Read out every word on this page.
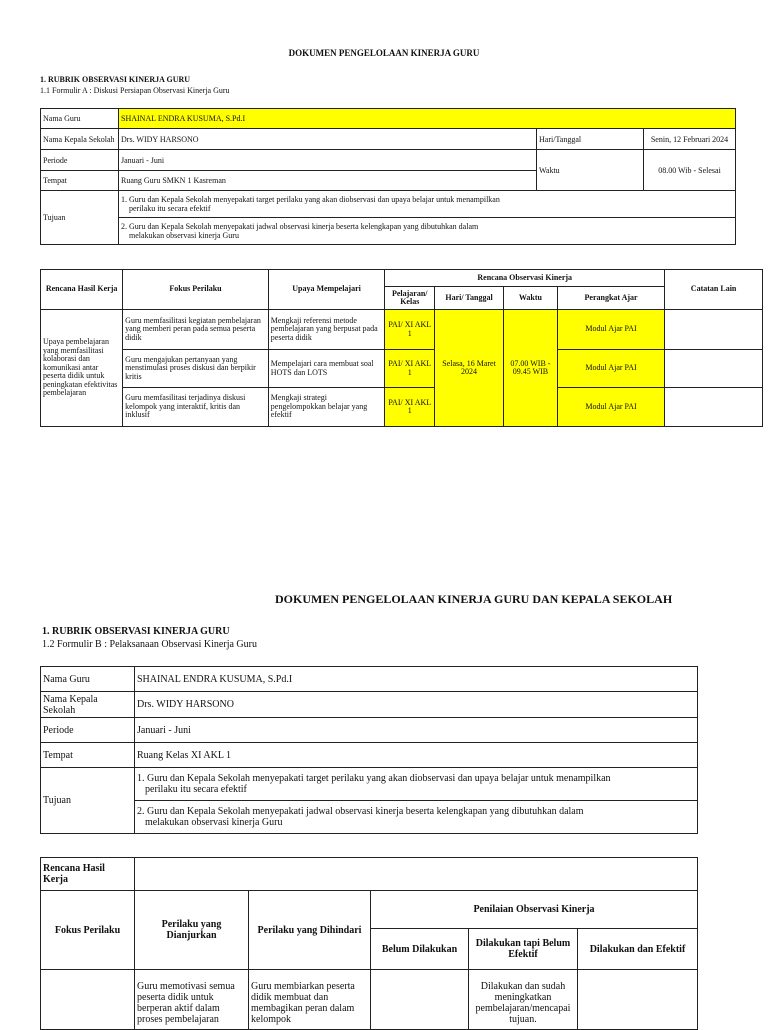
DOKUMEN PENGELOLAAN KINERJA GURU
1. RUBRIK OBSERVASI KINERJA GURU
1.1 Formulir A : Diskusi Persiapan Observasi Kinerja Guru
Nama Guru	SHAINAL ENDRA KUSUMA, S.Pd.I		
Nama Kepala Sekolah	Drs. WIDY HARSONO	Hari/Tanggal	Senin, 12 Februari 2024
Periode	Januari - Juni	Waktu	08.00 Wib - Selesai
Tempat	Ruang Guru SMKN 1 Kasreman		
Tujuan	1. Guru dan Kepala Sekolah menyepakati target perilaku yang akan diobservasi dan upaya belajar untuk menampilkan
perilaku itu secara efektif		

	2. Guru dan Kepala Sekolah menyepakati jadwal observasi kinerja beserta kelengkapan yang dibutuhkan dalam
melakukan observasi kinerja Guru		
Rencana Hasil Kerja	Fokus Perilaku	Upaya Mempelajari	Rencana Observasi Kinerja				Catatan Lain
			Pelajaran/ Kelas	Hari/ Tanggal	Waktu	Perangkat Ajar	
Upaya pembelajaran yang memfasilitasi kolaborasi dan komunikasi antar peserta didik untuk peningkatan efektivitas pembelajaran	Guru memfasilitasi kegiatan pembelajaran yang memberi peran pada semua peserta didik	Mengkaji referensi metode pembelajaran yang berpusat pada peserta didik	PAI/ XI AKL 1	Selasa, 16 Maret 2024	07.00 WIB - 09.45 WIB	Modul Ajar PAI	
	Guru mengajukan pertanyaan yang menstimulasi proses diskusi dan berpikir kritis	Mempelajari cara membuat soal HOTS dan LOTS	PAI/ XI AKL 1			Modul Ajar PAI	
	Guru memfasilitasi terjadinya diskusi kelompok yang interaktif, kritis dan inklusif	Mengkaji strategi pengelompokkan belajar yang efektif	PAI/ XI AKL 1			Modul Ajar PAI	
DOKUMEN PENGELOLAAN KINERJA GURU DAN KEPALA SEKOLAH
1. RUBRIK OBSERVASI KINERJA GURU
1.2 Formulir B : Pelaksanaan Observasi Kinerja Guru
Nama Guru	SHAINAL ENDRA KUSUMA, S.Pd.I
Nama Kepala Sekolah	Drs. WIDY HARSONO
Periode	Januari - Juni
Tempat	Ruang Kelas XI AKL 1
Tujuan	1. Guru dan Kepala Sekolah menyepakati target perilaku yang akan diobservasi dan upaya belajar untuk menampilkan
perilaku itu secara efektif

	2. Guru dan Kepala Sekolah menyepakati jadwal observasi kinerja beserta kelengkapan yang dibutuhkan dalam
melakukan observasi kinerja Guru
Rencana Hasil Kerja					
Fokus Perilaku	Perilaku yang Dianjurkan	Perilaku yang Dihindari	Penilaian Observasi Kinerja		
			Belum Dilakukan	Dilakukan tapi Belum Efektif	Dilakukan dan Efektif
	Guru memotivasi semua peserta didik untuk berperan aktif dalam proses pembelajaran	Guru membiarkan peserta didik membuat dan membagikan peran dalam kelompok		Dilakukan dan sudah meningkatkan pembelajaran/mencapai tujuan.	
